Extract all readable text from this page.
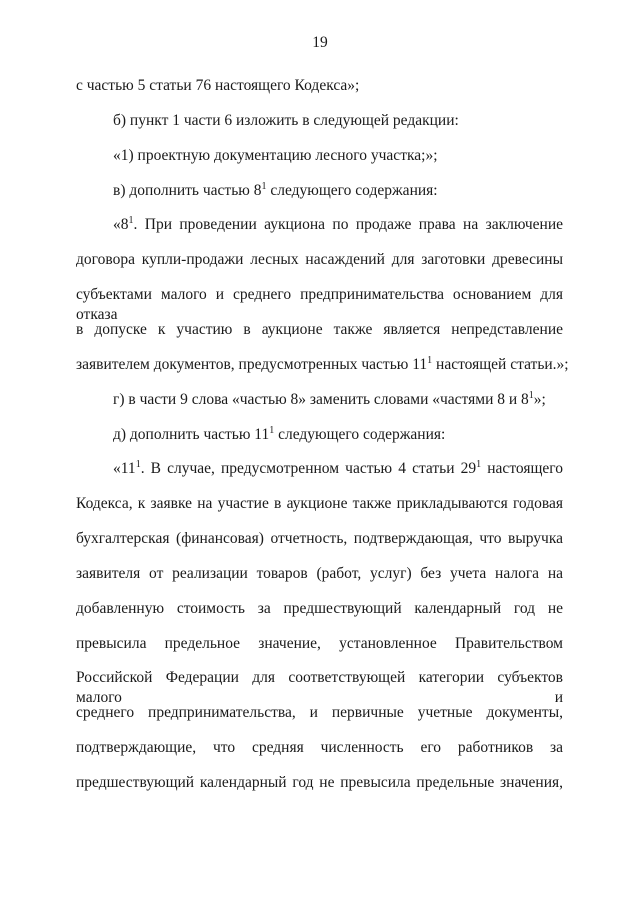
19
с частью 5 статьи 76 настоящего Кодекса»;
б) пункт 1 части 6 изложить в следующей редакции:
«1) проектную документацию лесного участка;»;
в) дополнить частью $8^1$ следующего содержания:
«$8^1$. При проведении аукциона по продаже права на заключение
договора купли-продажи лесных насаждений для заготовки древесины
субъектами малого и среднего предпринимательства основанием для отказа
в допуске к участию в аукционе также является непредставление
заявителем документов, предусмотренных частью $11^1$ настоящей статьи.»;
г) в части 9 слова «частью 8» заменить словами «частями 8 и $8^1$»;
д) дополнить частью $11^1$ следующего содержания:
«$11^1$. В случае, предусмотренном частью 4 статьи $29^1$ настоящего
Кодекса, к заявке на участие в аукционе также прикладываются годовая
бухгалтерская (финансовая) отчетность, подтверждающая, что выручка
заявителя от реализации товаров (работ, услуг) без учета налога на
добавленную стоимость за предшествующий календарный год не
превысила предельное значение, установленное Правительством
Российской Федерации для соответствующей категории субъектов малого и
среднего предпринимательства, и первичные учетные документы,
подтверждающие, что средняя численность его работников за
предшествующий календарный год не превысила предельные значения,
